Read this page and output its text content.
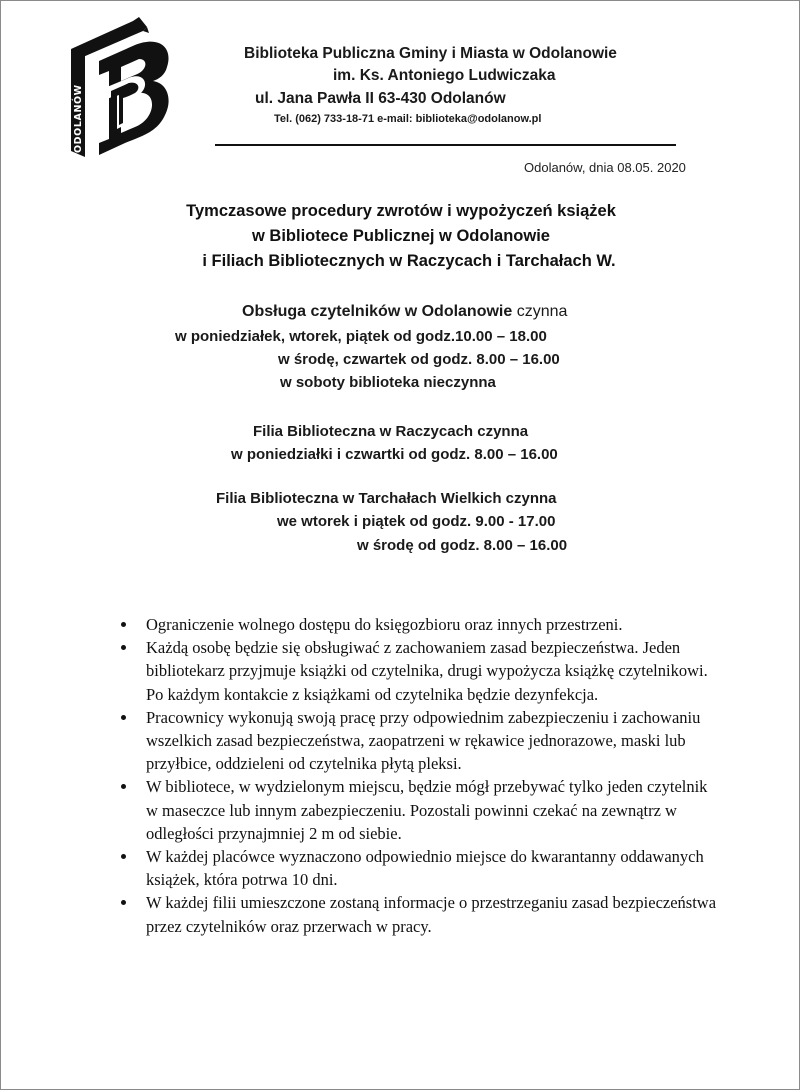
ODOLANÓW
Biblioteka Publiczna Gminy i Miasta w Odolanowie
im. Ks. Antoniego Ludwiczaka
ul. Jana Pawła II 63-430 Odolanów
Tel. (062) 733-18-71 e-mail: biblioteka@odolanow.pl
Odolanów, dnia 08.05. 2020
Tymczasowe procedury zwrotów i wypożyczeń książek
w Bibliotece Publicznej w Odolanowie
i Filiach Bibliotecznych w Raczycach i Tarchałach W.
Obsługa czytelników w Odolanowie czynna
w poniedziałek, wtorek, piątek od godz.10.00 – 18.00
w środę, czwartek od godz. 8.00 – 16.00
w soboty biblioteka nieczynna
Filia Biblioteczna w Raczycach czynna
w poniedziałki i czwartki od godz. 8.00 – 16.00
Filia Biblioteczna w Tarchałach Wielkich czynna
we wtorek i piątek od godz. 9.00 - 17.00
w środę od godz. 8.00 – 16.00
Ograniczenie wolnego dostępu do księgozbioru oraz innych przestrzeni.
Każdą osobę będzie się obsługiwać z zachowaniem zasad bezpieczeństwa. Jeden bibliotekarz przyjmuje książki od czytelnika, drugi wypożycza książkę czytelnikowi. Po każdym kontakcie z książkami od czytelnika będzie dezynfekcja.
Pracownicy wykonują swoją pracę przy odpowiednim zabezpieczeniu i zachowaniu wszelkich zasad bezpieczeństwa, zaopatrzeni w rękawice jednorazowe, maski lub przyłbice, oddzieleni od czytelnika płytą pleksi.
W bibliotece, w wydzielonym miejscu, będzie mógł przebywać tylko jeden czytelnik w maseczce lub innym zabezpieczeniu. Pozostali powinni czekać na zewnątrz w odległości przynajmniej 2 m od siebie.
W każdej placówce wyznaczono odpowiednio miejsce do kwarantanny oddawanych książek, która potrwa 10 dni.
W każdej filii umieszczone zostaną informacje o przestrzeganiu zasad bezpieczeństwa przez czytelników oraz przerwach w pracy.
